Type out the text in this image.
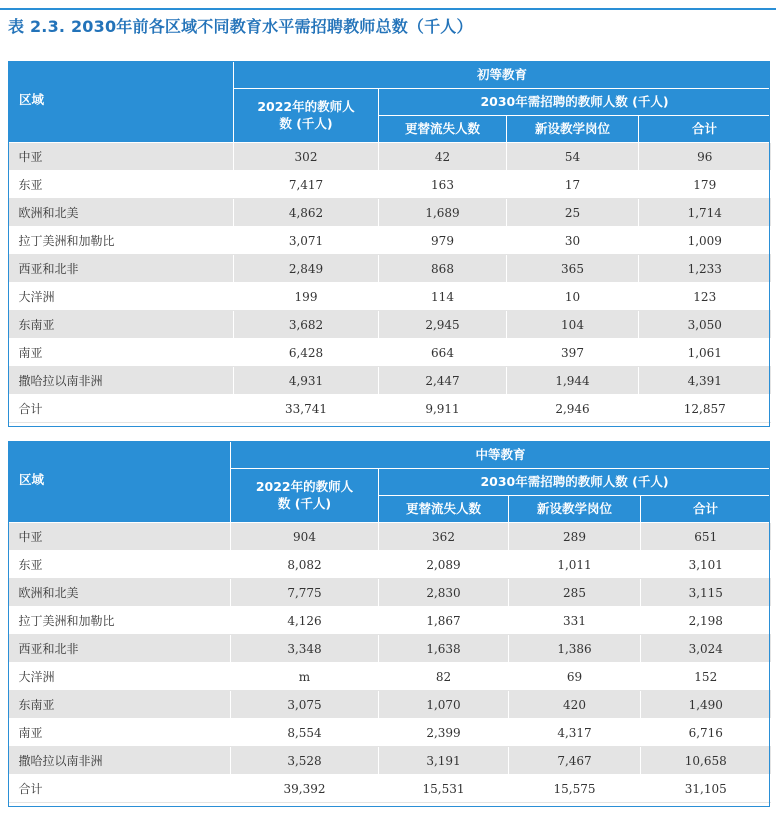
表 2.3. 2030年前各区域不同教育水平需招聘教师总数（千人）
区域	初等教育			
	2022年的教师人数 (千人)	2030年需招聘的教师人数 (千人)		
		更替流失人数	新设教学岗位	合计
中亚	302	42	54	96
东亚	7,417	163	17	179
欧洲和北美	4,862	1,689	25	1,714
拉丁美洲和加勒比	3,071	979	30	1,009
西亚和北非	2,849	868	365	1,233
大洋洲	199	114	10	123
东南亚	3,682	2,945	104	3,050
南亚	6,428	664	397	1,061
撒哈拉以南非洲	4,931	2,447	1,944	4,391
合计	33,741	9,911	2,946	12,857
区域	中等教育			
	2022年的教师人数 (千人)	2030年需招聘的教师人数 (千人)		
		更替流失人数	新设教学岗位	合计
中亚	904	362	289	651
东亚	8,082	2,089	1,011	3,101
欧洲和北美	7,775	2,830	285	3,115
拉丁美洲和加勒比	4,126	1,867	331	2,198
西亚和北非	3,348	1,638	1,386	3,024
大洋洲	m	82	69	152
东南亚	3,075	1,070	420	1,490
南亚	8,554	2,399	4,317	6,716
撒哈拉以南非洲	3,528	3,191	7,467	10,658
合计	39,392	15,531	15,575	31,105
